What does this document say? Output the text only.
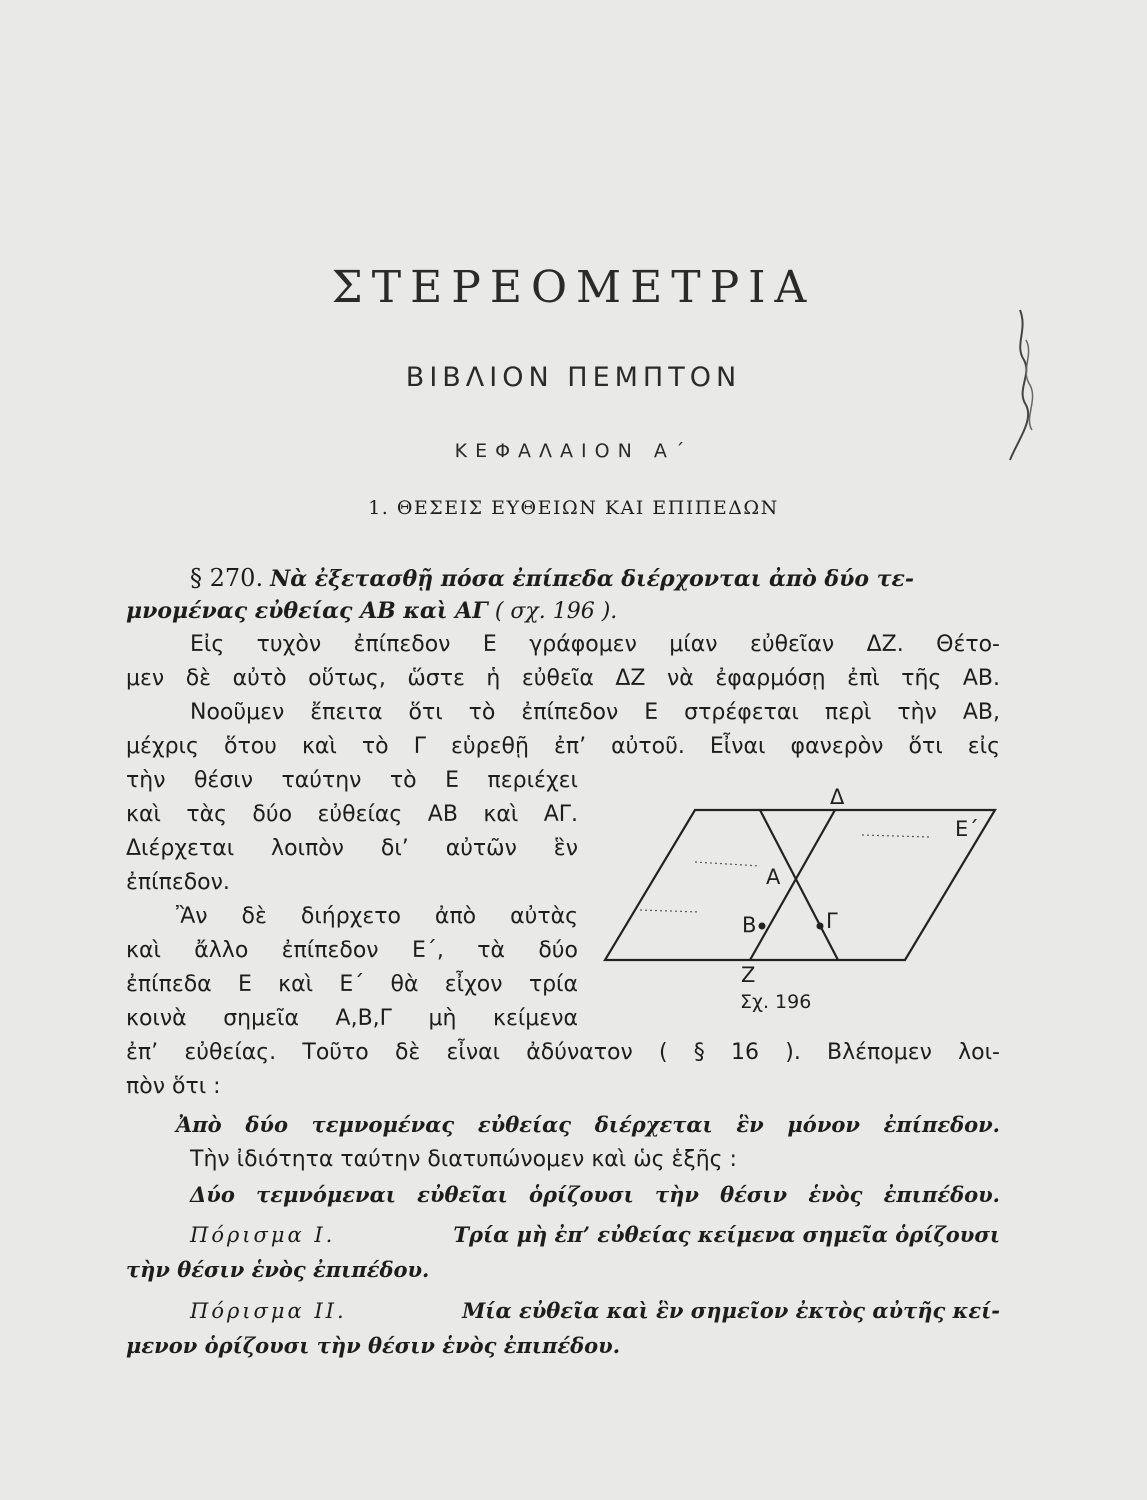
ΣΤΕΡΕΟΜΕΤΡΙΑ
ΒΙΒΛΙΟΝ ΠΕΜΠΤΟΝ
ΚΕΦΑΛΑΙΟΝ Α΄
1. ΘΕΣΕΙΣ ΕΥΘΕΙΩΝ ΚΑΙ ΕΠΙΠΕΔΩΝ
§ 270. Νὰ ἐξετασθῇ πόσα ἐπίπεδα διέρχονται ἀπὸ δύο τε-
μνομένας εὐθείας ΑΒ καὶ ΑΓ ( σχ. 196 ).
Εἰς τυχὸν ἐπίπεδον Ε γράφομεν μίαν εὐθεῖαν ΔΖ. Θέτο-
μεν δὲ αὐτὸ οὕτως, ὥστε ἡ εὐθεῖα ΔΖ νὰ ἐφαρμόσῃ ἐπὶ τῆς ΑΒ.
Νοοῦμεν ἔπειτα ὅτι τὸ ἐπίπεδον Ε στρέφεται περὶ τὴν ΑΒ,
μέχρις ὅτου καὶ τὸ Γ εὑρεθῇ ἐπ’ αὐτοῦ. Εἶναι φανερὸν ὅτι εἰς
τὴν θέσιν ταύτην τὸ Ε περιέχει
καὶ τὰς δύο εὐθείας ΑΒ καὶ ΑΓ.
Διέρχεται λοιπὸν δι’ αὐτῶν ἓν
ἐπίπεδον.
Ἂν δὲ διήρχετο ἀπὸ αὐτὰς
καὶ ἄλλο ἐπίπεδον Ε΄, τὰ δύο
ἐπίπεδα Ε καὶ Ε΄ θὰ εἶχον τρία
κοινὰ σημεῖα Α,Β,Γ μὴ κείμενα
ἐπ’ εὐθείας. Τοῦτο δὲ εἶναι ἀδύνατον ( § 16 ). Βλέπομεν λοι-
πὸν ὅτι :
Ἀπὸ δύο τεμνομένας εὐθείας διέρχεται ἓν μόνον ἐπίπεδον.
Τὴν ἰδιότητα ταύτην διατυπώνομεν καὶ ὡς ἑξῆς :
Δύο τεμνόμεναι εὐθεῖαι ὁρίζουσι τὴν θέσιν ἑνὸς ἐπιπέδου.
Πόρισμα Ι.	Τρία μὴ ἐπ’ εὐθείας κείμενα σημεῖα ὁρίζουσι
τὴν θέσιν ἑνὸς ἐπιπέδου.
Πόρισμα ΙΙ.	Μία εὐθεῖα καὶ ἓν σημεῖον ἐκτὸς αὐτῆς κεί-
μενον ὁρίζουσι τὴν θέσιν ἑνὸς ἐπιπέδου.
Δ
Ε΄
Α
Β	Γ
Ζ
Σχ. 196
